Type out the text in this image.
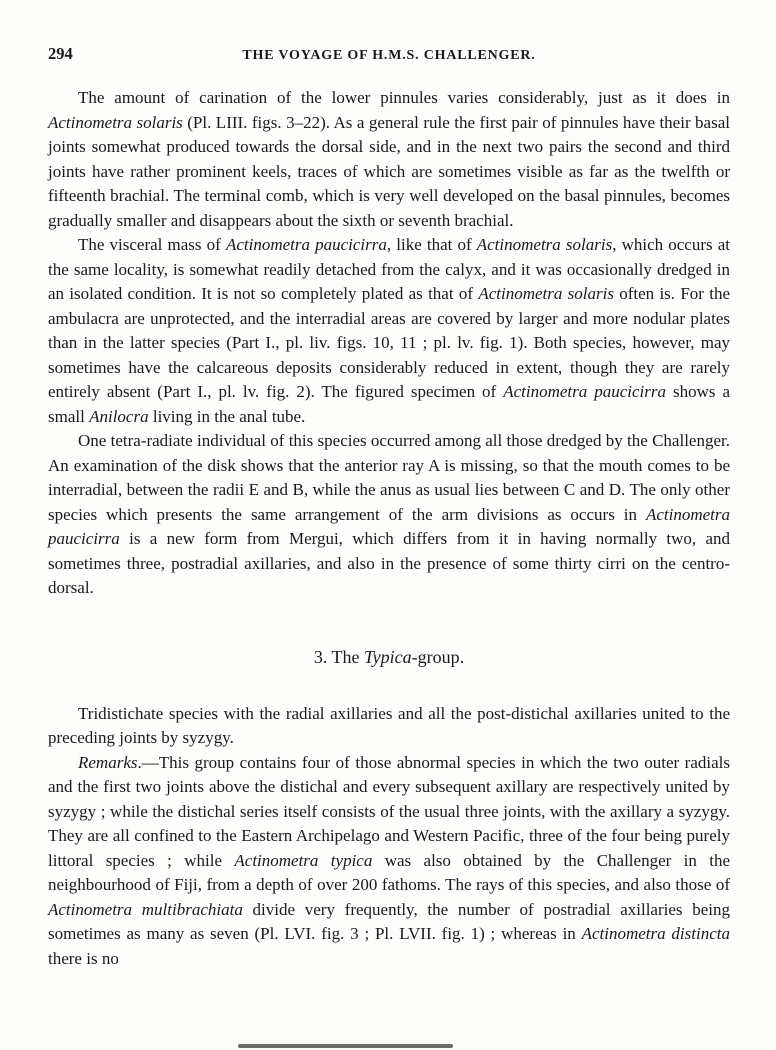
294	THE VOYAGE OF H.M.S. CHALLENGER.

The amount of carination of the lower pinnules varies considerably, just as it does in Actinometra solaris (Pl. LIII. figs. 3–22). As a general rule the first pair of pinnules have their basal joints somewhat produced towards the dorsal side, and in the next two pairs the second and third joints have rather prominent keels, traces of which are sometimes visible as far as the twelfth or fifteenth brachial. The terminal comb, which is very well developed on the basal pinnules, becomes gradually smaller and disappears about the sixth or seventh brachial.

The visceral mass of Actinometra paucicirra, like that of Actinometra solaris, which occurs at the same locality, is somewhat readily detached from the calyx, and it was occasionally dredged in an isolated condition. It is not so completely plated as that of Actinometra solaris often is. For the ambulacra are unprotected, and the interradial areas are covered by larger and more nodular plates than in the latter species (Part I., pl. liv. figs. 10, 11 ; pl. lv. fig. 1). Both species, however, may sometimes have the calcareous deposits considerably reduced in extent, though they are rarely entirely absent (Part I., pl. lv. fig. 2). The figured specimen of Actinometra paucicirra shows a small Anilocra living in the anal tube.

One tetra-radiate individual of this species occurred among all those dredged by the Challenger. An examination of the disk shows that the anterior ray A is missing, so that the mouth comes to be interradial, between the radii E and B, while the anus as usual lies between C and D. The only other species which presents the same arrangement of the arm divisions as occurs in Actinometra paucicirra is a new form from Mergui, which differs from it in having normally two, and sometimes three, postradial axillaries, and also in the presence of some thirty cirri on the centro-dorsal.

3. The Typica-group.

Tridistichate species with the radial axillaries and all the post-distichal axillaries united to the preceding joints by syzygy.

Remarks.—This group contains four of those abnormal species in which the two outer radials and the first two joints above the distichal and every subsequent axillary are respectively united by syzygy ; while the distichal series itself consists of the usual three joints, with the axillary a syzygy. They are all confined to the Eastern Archipelago and Western Pacific, three of the four being purely littoral species ; while Actinometra typica was also obtained by the Challenger in the neighbourhood of Fiji, from a depth of over 200 fathoms. The rays of this species, and also those of Actinometra multibrachiata divide very frequently, the number of postradial axillaries being sometimes as many as seven (Pl. LVI. fig. 3 ; Pl. LVII. fig. 1) ; whereas in Actinometra distincta there is no
